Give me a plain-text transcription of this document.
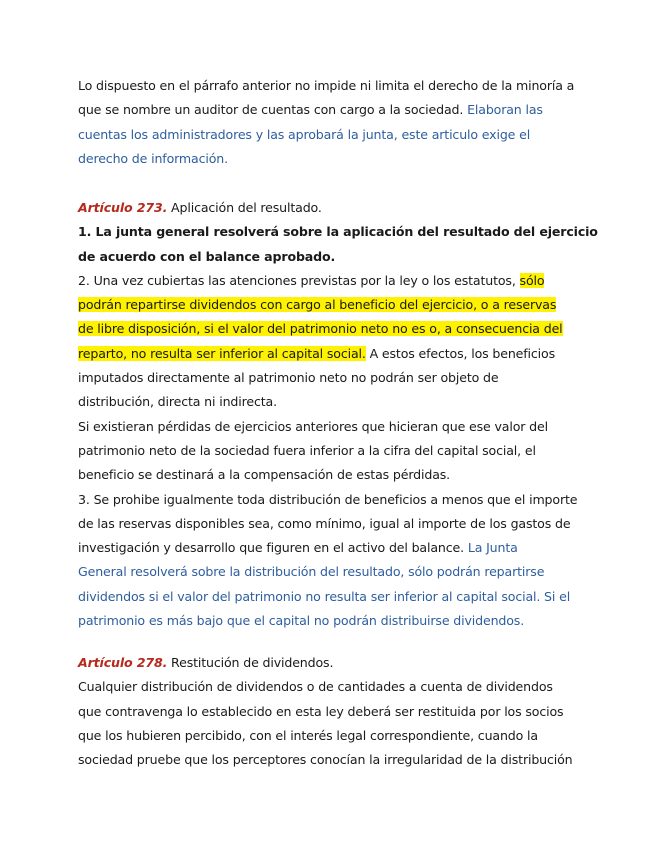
Lo dispuesto en el párrafo anterior no impide ni limita el derecho de la minoría a
que se nombre un auditor de cuentas con cargo a la sociedad. Elaboran las
cuentas los administradores y las aprobará la junta, este articulo exige el
derecho de información.
Artículo 273. Aplicación del resultado.
1. La junta general resolverá sobre la aplicación del resultado del ejercicio
de acuerdo con el balance aprobado.
2. Una vez cubiertas las atenciones previstas por la ley o los estatutos, sólo
podrán repartirse dividendos con cargo al beneficio del ejercicio, o a reservas
de libre disposición, si el valor del patrimonio neto no es o, a consecuencia del
reparto, no resulta ser inferior al capital social. A estos efectos, los beneficios
imputados directamente al patrimonio neto no podrán ser objeto de
distribución, directa ni indirecta.
Si existieran pérdidas de ejercicios anteriores que hicieran que ese valor del
patrimonio neto de la sociedad fuera inferior a la cifra del capital social, el
beneficio se destinará a la compensación de estas pérdidas.
3. Se prohibe igualmente toda distribución de beneficios a menos que el importe
de las reservas disponibles sea, como mínimo, igual al importe de los gastos de
investigación y desarrollo que figuren en el activo del balance. La Junta
General resolverá sobre la distribución del resultado, sólo podrán repartirse
dividendos si el valor del patrimonio no resulta ser inferior al capital social. Si el
patrimonio es más bajo que el capital no podrán distribuirse dividendos.
Artículo 278. Restitución de dividendos.
Cualquier distribución de dividendos o de cantidades a cuenta de dividendos
que contravenga lo establecido en esta ley deberá ser restituida por los socios
que los hubieren percibido, con el interés legal correspondiente, cuando la
sociedad pruebe que los perceptores conocían la irregularidad de la distribución
